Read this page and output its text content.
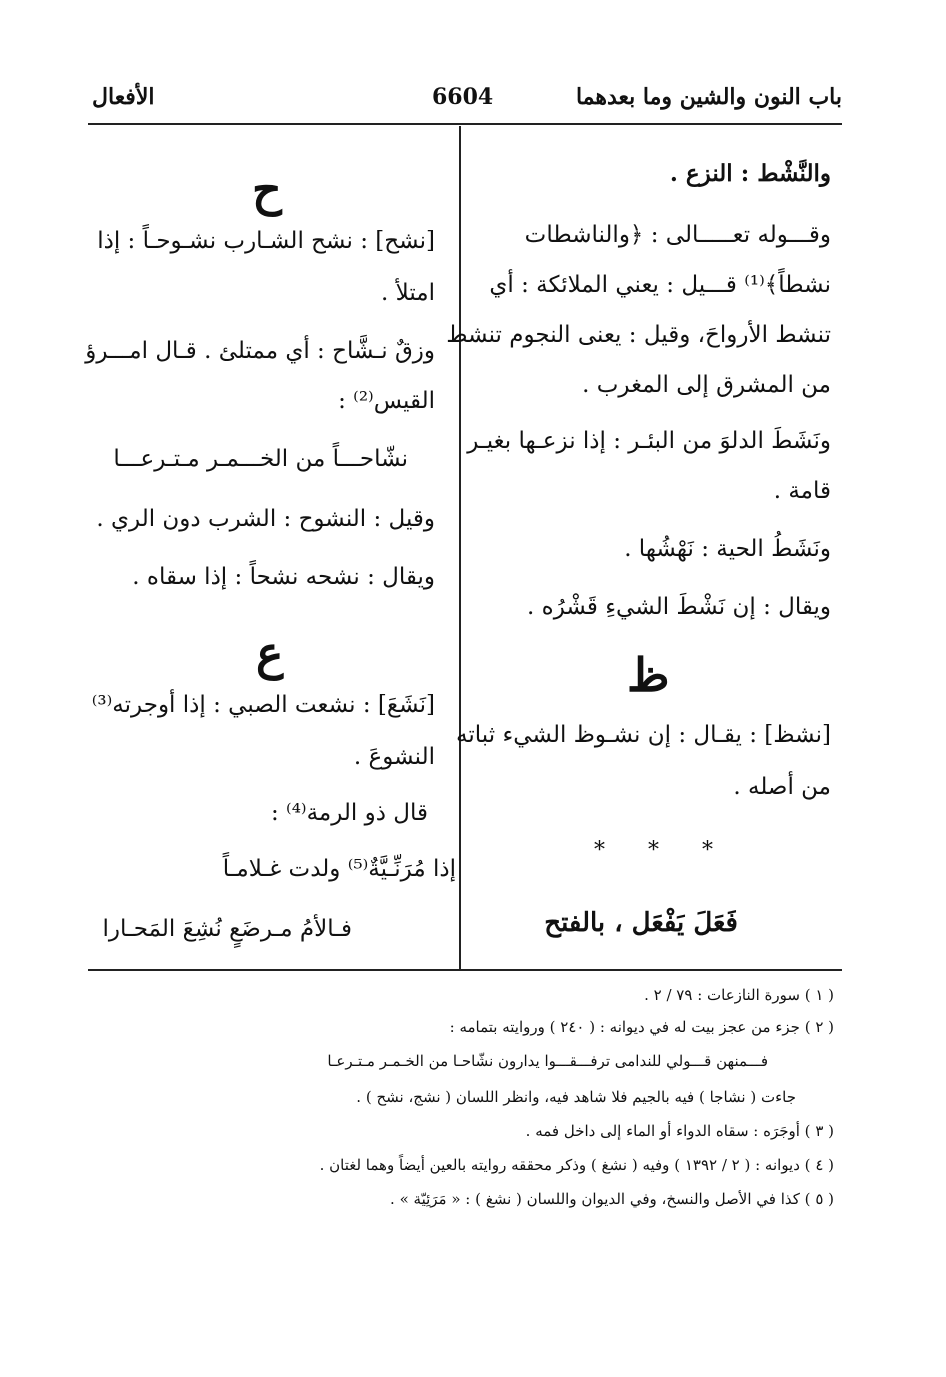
باب النون والشين وما بعدهما
6604
الأفعال
والنَّشْط : النزع .
وقـــوله تعـــــالى : ﴿والناشطات
نشطاً﴾⁽¹⁾ قـــيل : يعني الملائكة : أي
تنشط الأرواحَ، وقيل : يعنى النجوم تنشط
من المشرق إلى المغرب .
ونَشَطَ الدلوَ من البئـر : إذا نزعـها بغيـر
قامة .
ونَشَطُ الحية : نَهْشُها .
ويقال : إن نَشْطَ الشيءِ قَشْرُه .
ظ
[نشظ] : يقـال : إن نشـوظ الشيء ثباته
من أصله .
* * *
فَعَلَ يَفْعَل ، بالفتح
ح
[نشح] : نشح الشـارب نشـوحـاً : إذا
امتلأ .
وزقٌ نـشَّاح : أي ممتلئ . قـال امـــرؤ
القيس⁽²⁾ :
نشّاحـــاً من الخـــمـر مـتـرعـــا
وقيل : النشوح : الشرب دون الري .
ويقال : نشحه نشحاً : إذا سقاه .
ع
[نَشَعَ] : نشعت الصبي : إذا أوجرته⁽³⁾
النشوعَ .
قال ذو الرمة⁽⁴⁾ :
إذا مُرَنِّـيَّةٌ⁽⁵⁾ ولدت غـلامـاً
فـالأمُ مـرضَعٍ نُشِعَ المَحـارا
( ١ ) سورة النازعات : ٧٩ / ٢ .
( ٢ ) جزء من عجز بيت له في ديوانه : ( ٢٤٠ ) وروايته بتمامه :
فـــمنهن قـــولي للندامى ترفـــقـــوا يدارون نشّاحـا من الخـمـر مـتـرعـا
جاءت ( نشاجا ) فيه بالجيم فلا شاهد فيه، وانظر اللسان ( نشج، نشح ) .
( ٣ ) أوجَرَه : سقاه الدواء أو الماء إلى داخل فمه .
( ٤ ) ديوانه : ( ٢ / ١٣٩٢ ) وفيه ( نشغ ) وذكر محققه روايته بالعين أيضاً وهما لغتان .
( ٥ ) كذا في الأصل والنسخ، وفي الديوان واللسان ( نشغ ) : « مَرَئِيّة » .
